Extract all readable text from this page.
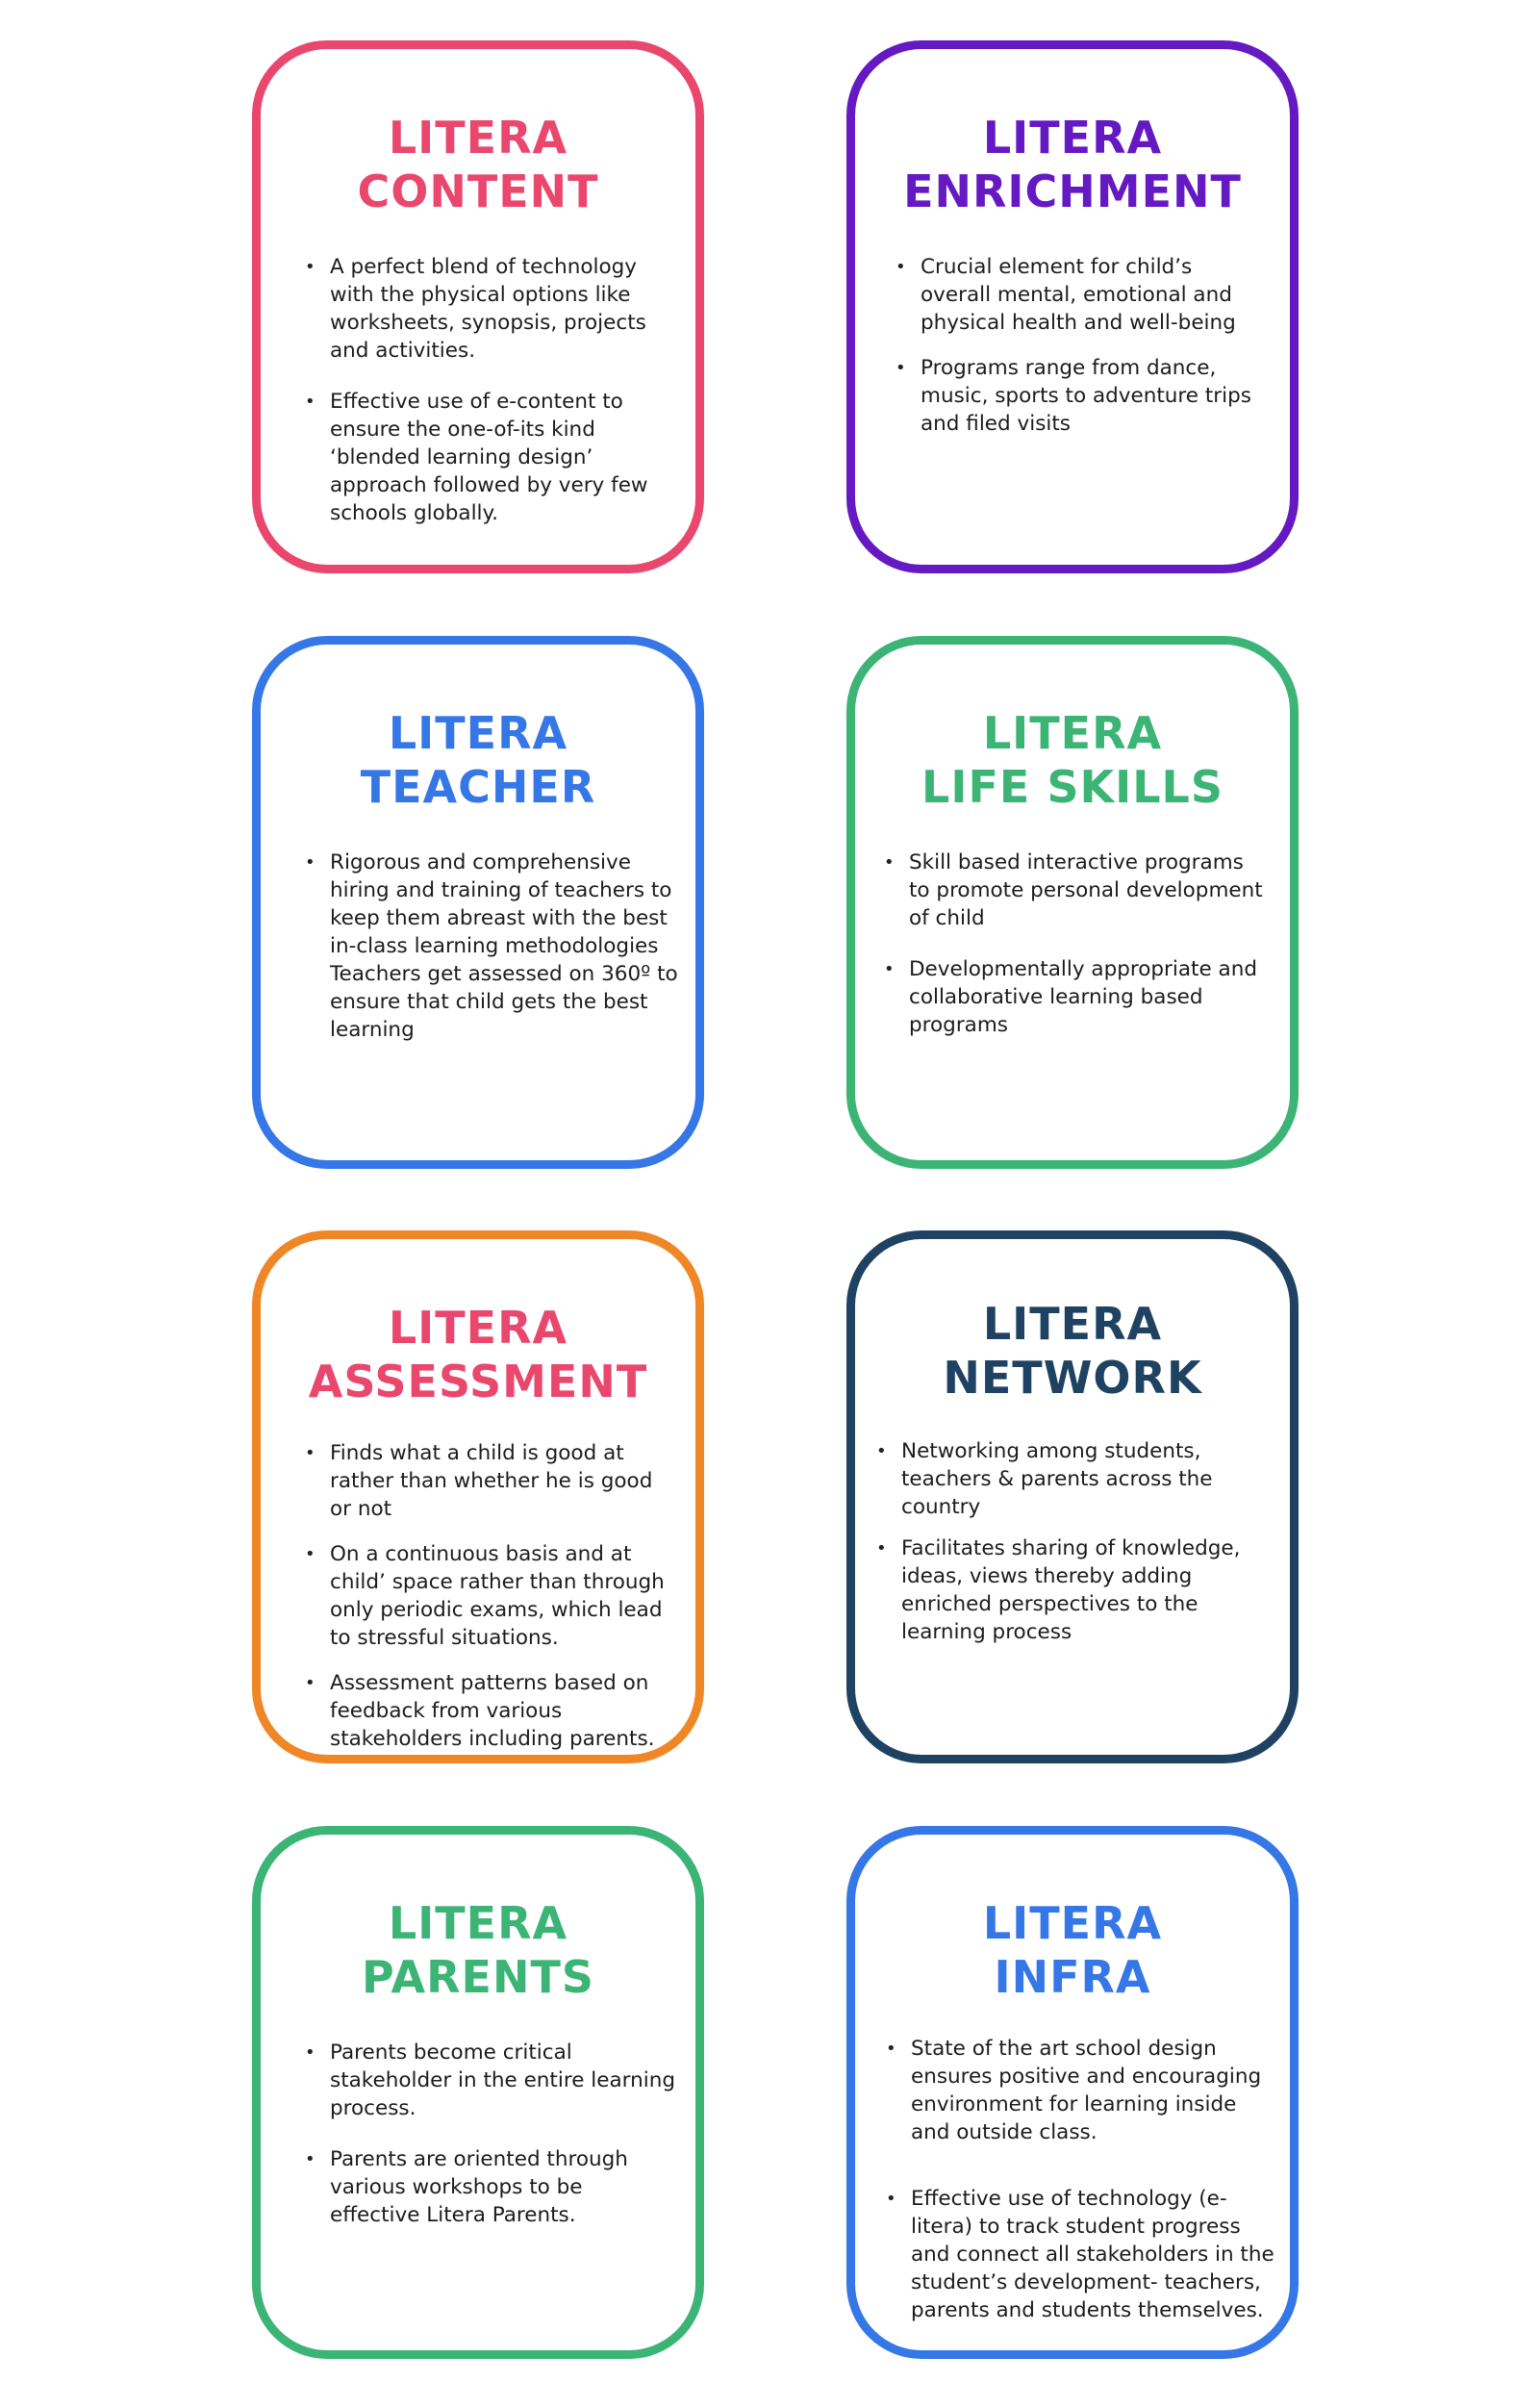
LITERA
CONTENT
• A perfect blend of technology with the physical options like worksheets, synopsis, projects and activities.
• Effective use of e-content to ensure the one-of-its kind ‘blended learning design’ approach followed by very few schools globally.
LITERA
ENRICHMENT
• Crucial element for child’s overall mental, emotional and physical health and well-being
• Programs range from dance, music, sports to adventure trips and filed visits
LITERA
TEACHER
• Rigorous and comprehensive hiring and training of teachers to keep them abreast with the best in-class learning methodologies Teachers get assessed on 360º to ensure that child gets the best learning
LITERA
LIFE SKILLS
• Skill based interactive programs to promote personal development of child
• Developmentally appropriate and collaborative learning based programs
LITERA
ASSESSMENT
• Finds what a child is good at rather than whether he is good or not
• On a continuous basis and at child’ space rather than through only periodic exams, which lead to stressful situations.
• Assessment patterns based on feedback from various stakeholders including parents.
LITERA
NETWORK
• Networking among students, teachers & parents across the country
• Facilitates sharing of knowledge, ideas, views thereby adding enriched perspectives to the learning process
LITERA
PARENTS
• Parents become critical stakeholder in the entire learning process.
• Parents are oriented through various workshops to be effective Litera Parents.
LITERA
INFRA
• State of the art school design ensures positive and encouraging environment for learning inside and outside class.
• Effective use of technology (e-litera) to track student progress and connect all stakeholders in the student’s development- teachers, parents and students themselves.
